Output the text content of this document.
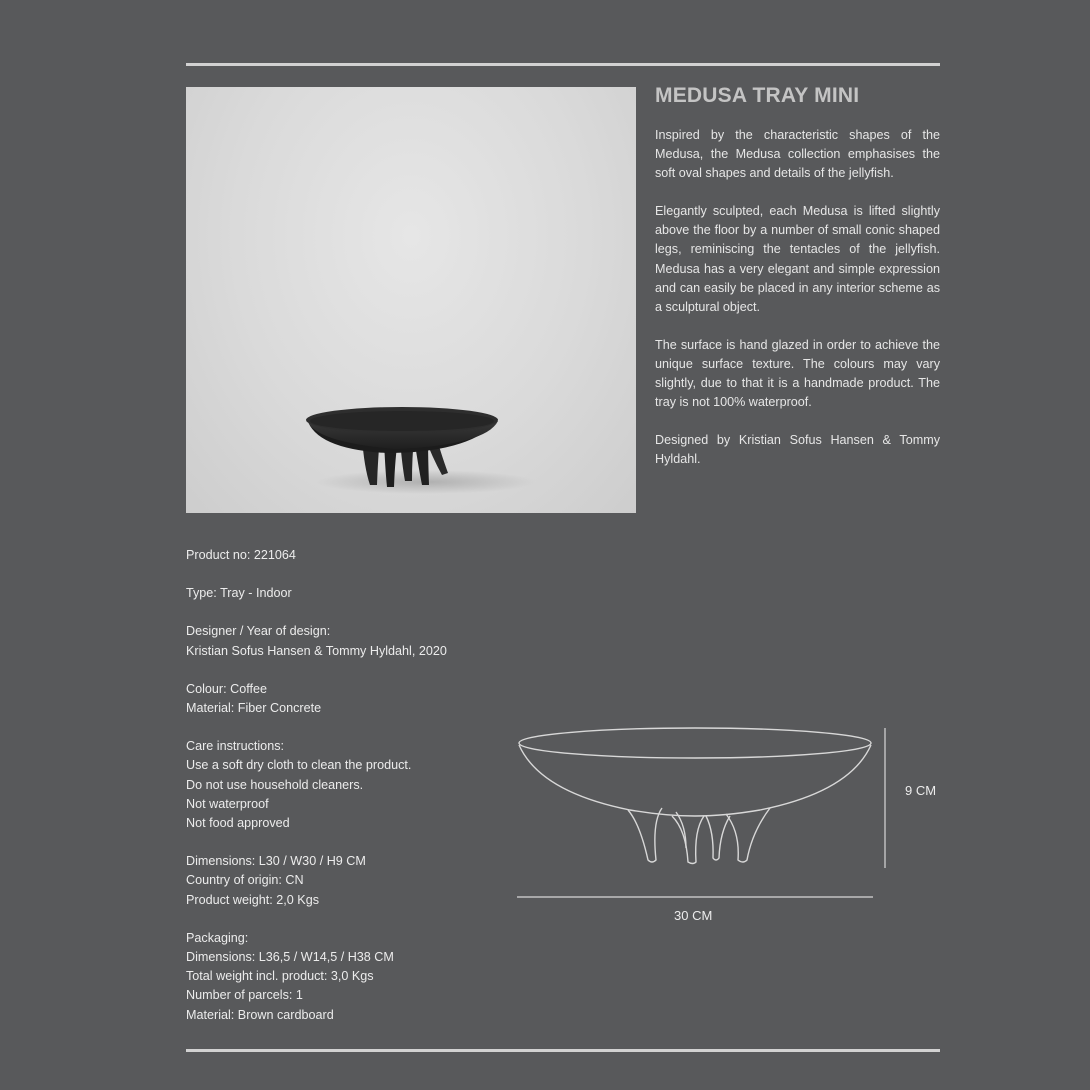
MEDUSA TRAY MINI

Inspired by the characteristic shapes of the Medusa, the Medusa collection emphasises the soft oval shapes and details of the jellyfish.

Elegantly sculpted, each Medusa is lifted slightly above the floor by a number of small conic shaped legs, reminiscing the tentacles of the jellyfish. Medusa has a very elegant and simple expression and can easily be placed in any interior scheme as a sculptural object.

The surface is hand glazed in order to achieve the unique surface texture. The colours may vary slightly, due to that it is a handmade product. The tray is not 100% waterproof.

Designed by Kristian Sofus Hansen & Tommy Hyldahl.

Product no: 221064
Type: Tray - Indoor
Designer / Year of design:
Kristian Sofus Hansen & Tommy Hyldahl, 2020
Colour: Coffee
Material: Fiber Concrete
Care instructions:
Use a soft dry cloth to clean the product.
Do not use household cleaners.
Not waterproof
Not food approved
Dimensions: L30 / W30 / H9 CM
Country of origin: CN
Product weight: 2,0 Kgs
Packaging:
Dimensions: L36,5 / W14,5 / H38 CM
Total weight incl. product: 3,0 Kgs
Number of parcels: 1
Material: Brown cardboard
9 CM
30 CM
